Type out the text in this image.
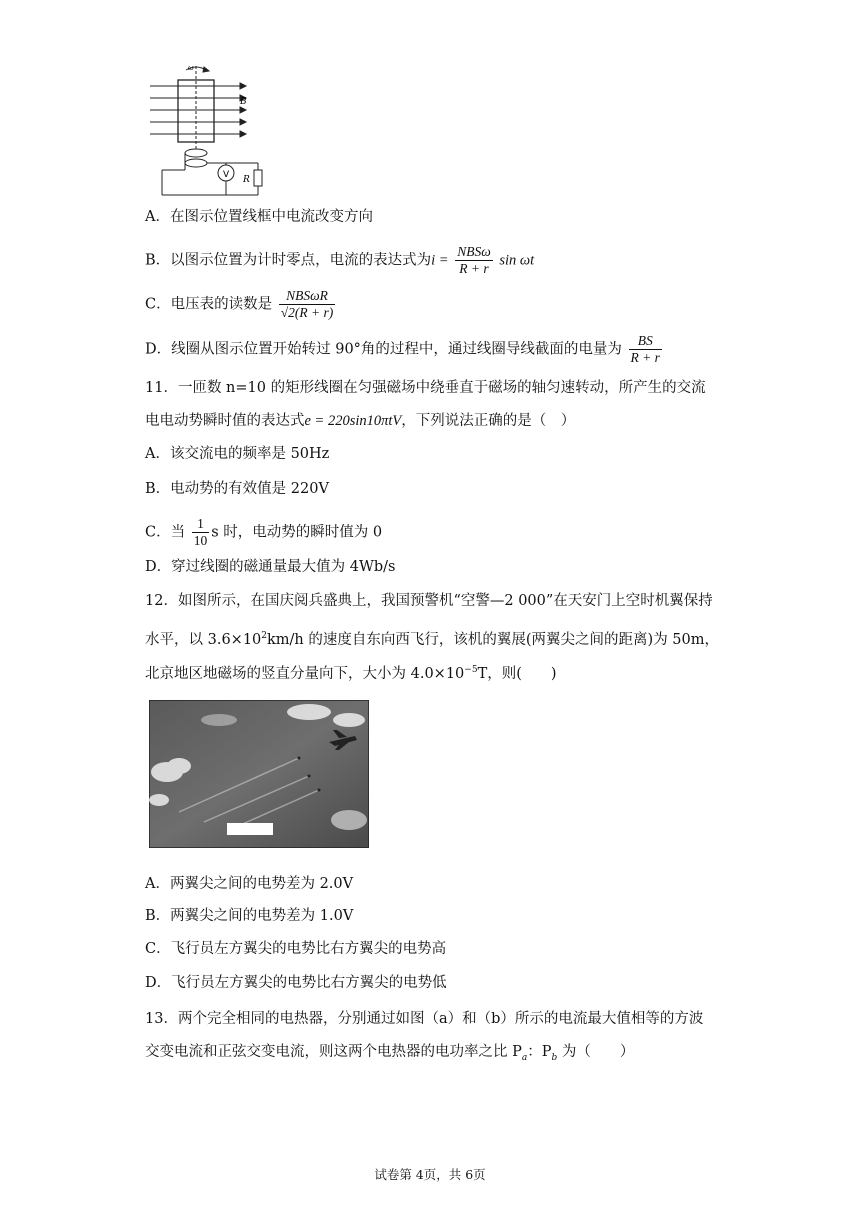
ω
B
V R
A．在图示位置线框中电流改变方向
B．以图示位置为计时零点，电流的表达式为$i = \frac{\text{NBSω}}{R + r}$ sin ωt
C．电压表的读数是 $\frac{\text{NBSωR}}{√2(R + r)}$
D．线圈从图示位置开始转过 90°角的过程中，通过线圈导线截面的电量为 $\frac{BS}{R + r}$
11．一匝数 n=10 的矩形线圈在匀强磁场中绕垂直于磁场的轴匀速转动，所产生的交流
电电动势瞬时值的表达式e = 220sin10πtV，下列说法正确的是（　）
A．该交流电的频率是 50Hz
B．电动势的有效值是 220V
C．当 $\frac{1}{10}$ s 时，电动势的瞬时值为 0
D．穿过线圈的磁通量最大值为 4Wb/s
12．如图所示，在国庆阅兵盛典上，我国预警机“空警—2 000”在天安门上空时机翼保持
水平，以 $3.6\times 10^2km/h$ 的速度自东向西飞行，该机的翼展(两翼尖之间的距离)为 50m，
北京地区地磁场的竖直分量向下，大小为 $4.0\times 10^{-5}T$，则(　　)
A．两翼尖之间的电势差为 2.0V
B．两翼尖之间的电势差为 1.0V
C．飞行员左方翼尖的电势比右方翼尖的电势高
D．飞行员左方翼尖的电势比右方翼尖的电势低
13．两个完全相同的电热器，分别通过如图（a）和（b）所示的电流最大值相等的方波
交变电流和正弦交变电流，则这两个电热器的电功率之比 $P_a$：$P_b$ 为（　　）
试卷第 4页，共 6页
